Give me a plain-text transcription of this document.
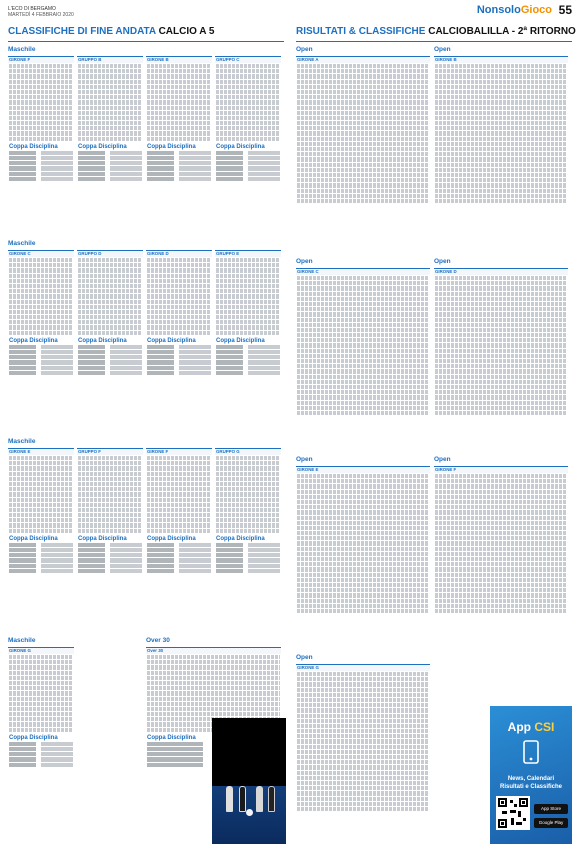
L'ECO DI BERGAMO
MARTEDÌ 4 FEBBRAIO 2020	NonsoloGioco 55
CLASSIFICHE DI FINE ANDATA CALCIO A 5	RISULTATI & CLASSIFICHE CALCIOBALILLA - 2ª RITORNO
Maschile
GIRONE F
Coppa Disciplina
GRUPPO B
Coppa Disciplina
GIRONE B
Coppa Disciplina
GRUPPO C
Coppa Disciplina
Maschile
GIRONE C
Coppa Disciplina
GRUPPO D
Coppa Disciplina
GIRONE D
Coppa Disciplina
GRUPPO E
Coppa Disciplina
Maschile
GIRONE E
Coppa Disciplina
GRUPPO F
Coppa Disciplina
GIRONE F
Coppa Disciplina
GRUPPO G
Coppa Disciplina
Maschile
GIRONE G
Coppa Disciplina
Over 30
Coppa Disciplina
Over 30
Open
GIRONE A
Open
GIRONE B
Open
GIRONE C
Open
GIRONE D
Open
GIRONE E
Open
GIRONE F
Open
GIRONE G
App CSI
News, Calendari
Risultati e Classifiche
App Store
Google Play
